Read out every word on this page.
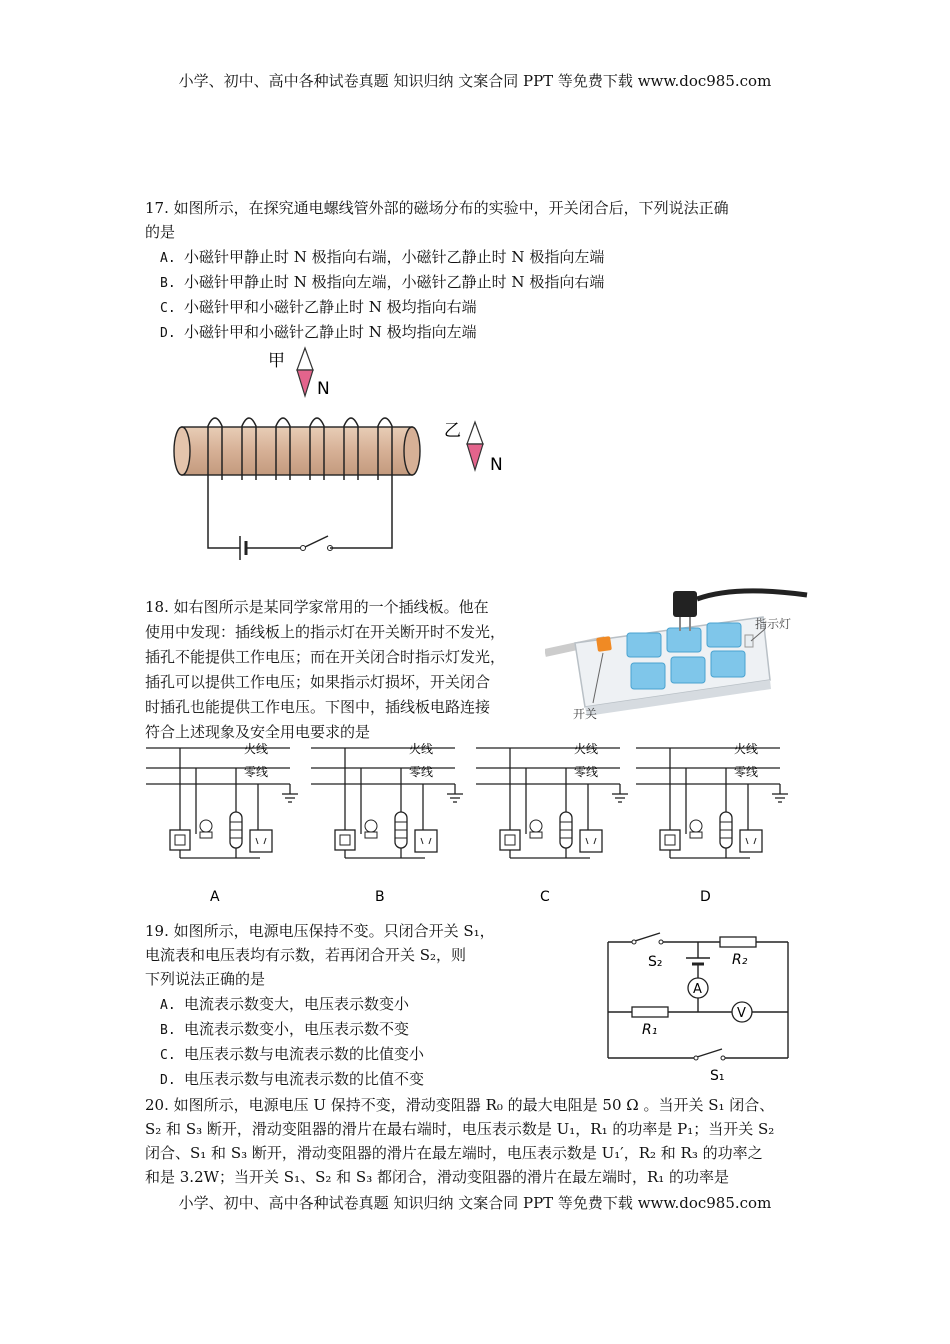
小学、初中、高中各种试卷真题 知识归纳 文案合同 PPT 等免费下载 www.doc985.com
小学、初中、高中各种试卷真题 知识归纳 文案合同 PPT 等免费下载 www.doc985.com
17. 如图所示，在探究通电螺线管外部的磁场分布的实验中，开关闭合后，下列说法正确
的是
A. 小磁针甲静止时 N 极指向右端，小磁针乙静止时 N 极指向左端
B. 小磁针甲静止时 N 极指向左端，小磁针乙静止时 N 极指向右端
C. 小磁针甲和小磁针乙静止时 N 极均指向右端
D. 小磁针甲和小磁针乙静止时 N 极均指向左端
甲
N
乙
N
18. 如右图所示是某同学家常用的一个插线板。他在
使用中发现：插线板上的指示灯在开关断开时不发光，
插孔不能提供工作电压；而在开关闭合时指示灯发光，
插孔可以提供工作电压；如果指示灯损坏，开关闭合
时插孔也能提供工作电压。下图中，插线板电路连接
符合上述现象及安全用电要求的是
指示灯
开关
火线
零线
A
火线
零线
B
火线
零线
C
火线
零线
D
19. 如图所示，电源电压保持不变。只闭合开关 S₁，
电流表和电压表均有示数，若再闭合开关 S₂，则
下列说法正确的是
A. 电流表示数变大，电压表示数变小
B. 电流表示数变小，电压表示数不变
C. 电压表示数与电流表示数的比值变小
D. 电压表示数与电流表示数的比值不变
A
V
S₂	R₂
R₁
S₁
20. 如图所示，电源电压 U 保持不变，滑动变阻器 R₀ 的最大电阻是 50 Ω 。当开关 S₁ 闭合、
S₂ 和 S₃ 断开，滑动变阻器的滑片在最右端时，电压表示数是 U₁，R₁ 的功率是 P₁；当开关 S₂
闭合、S₁ 和 S₃ 断开，滑动变阻器的滑片在最左端时，电压表示数是 U₁′，R₂ 和 R₃ 的功率之
和是 3.2W；当开关 S₁、S₂ 和 S₃ 都闭合，滑动变阻器的滑片在最左端时，R₁ 的功率是
